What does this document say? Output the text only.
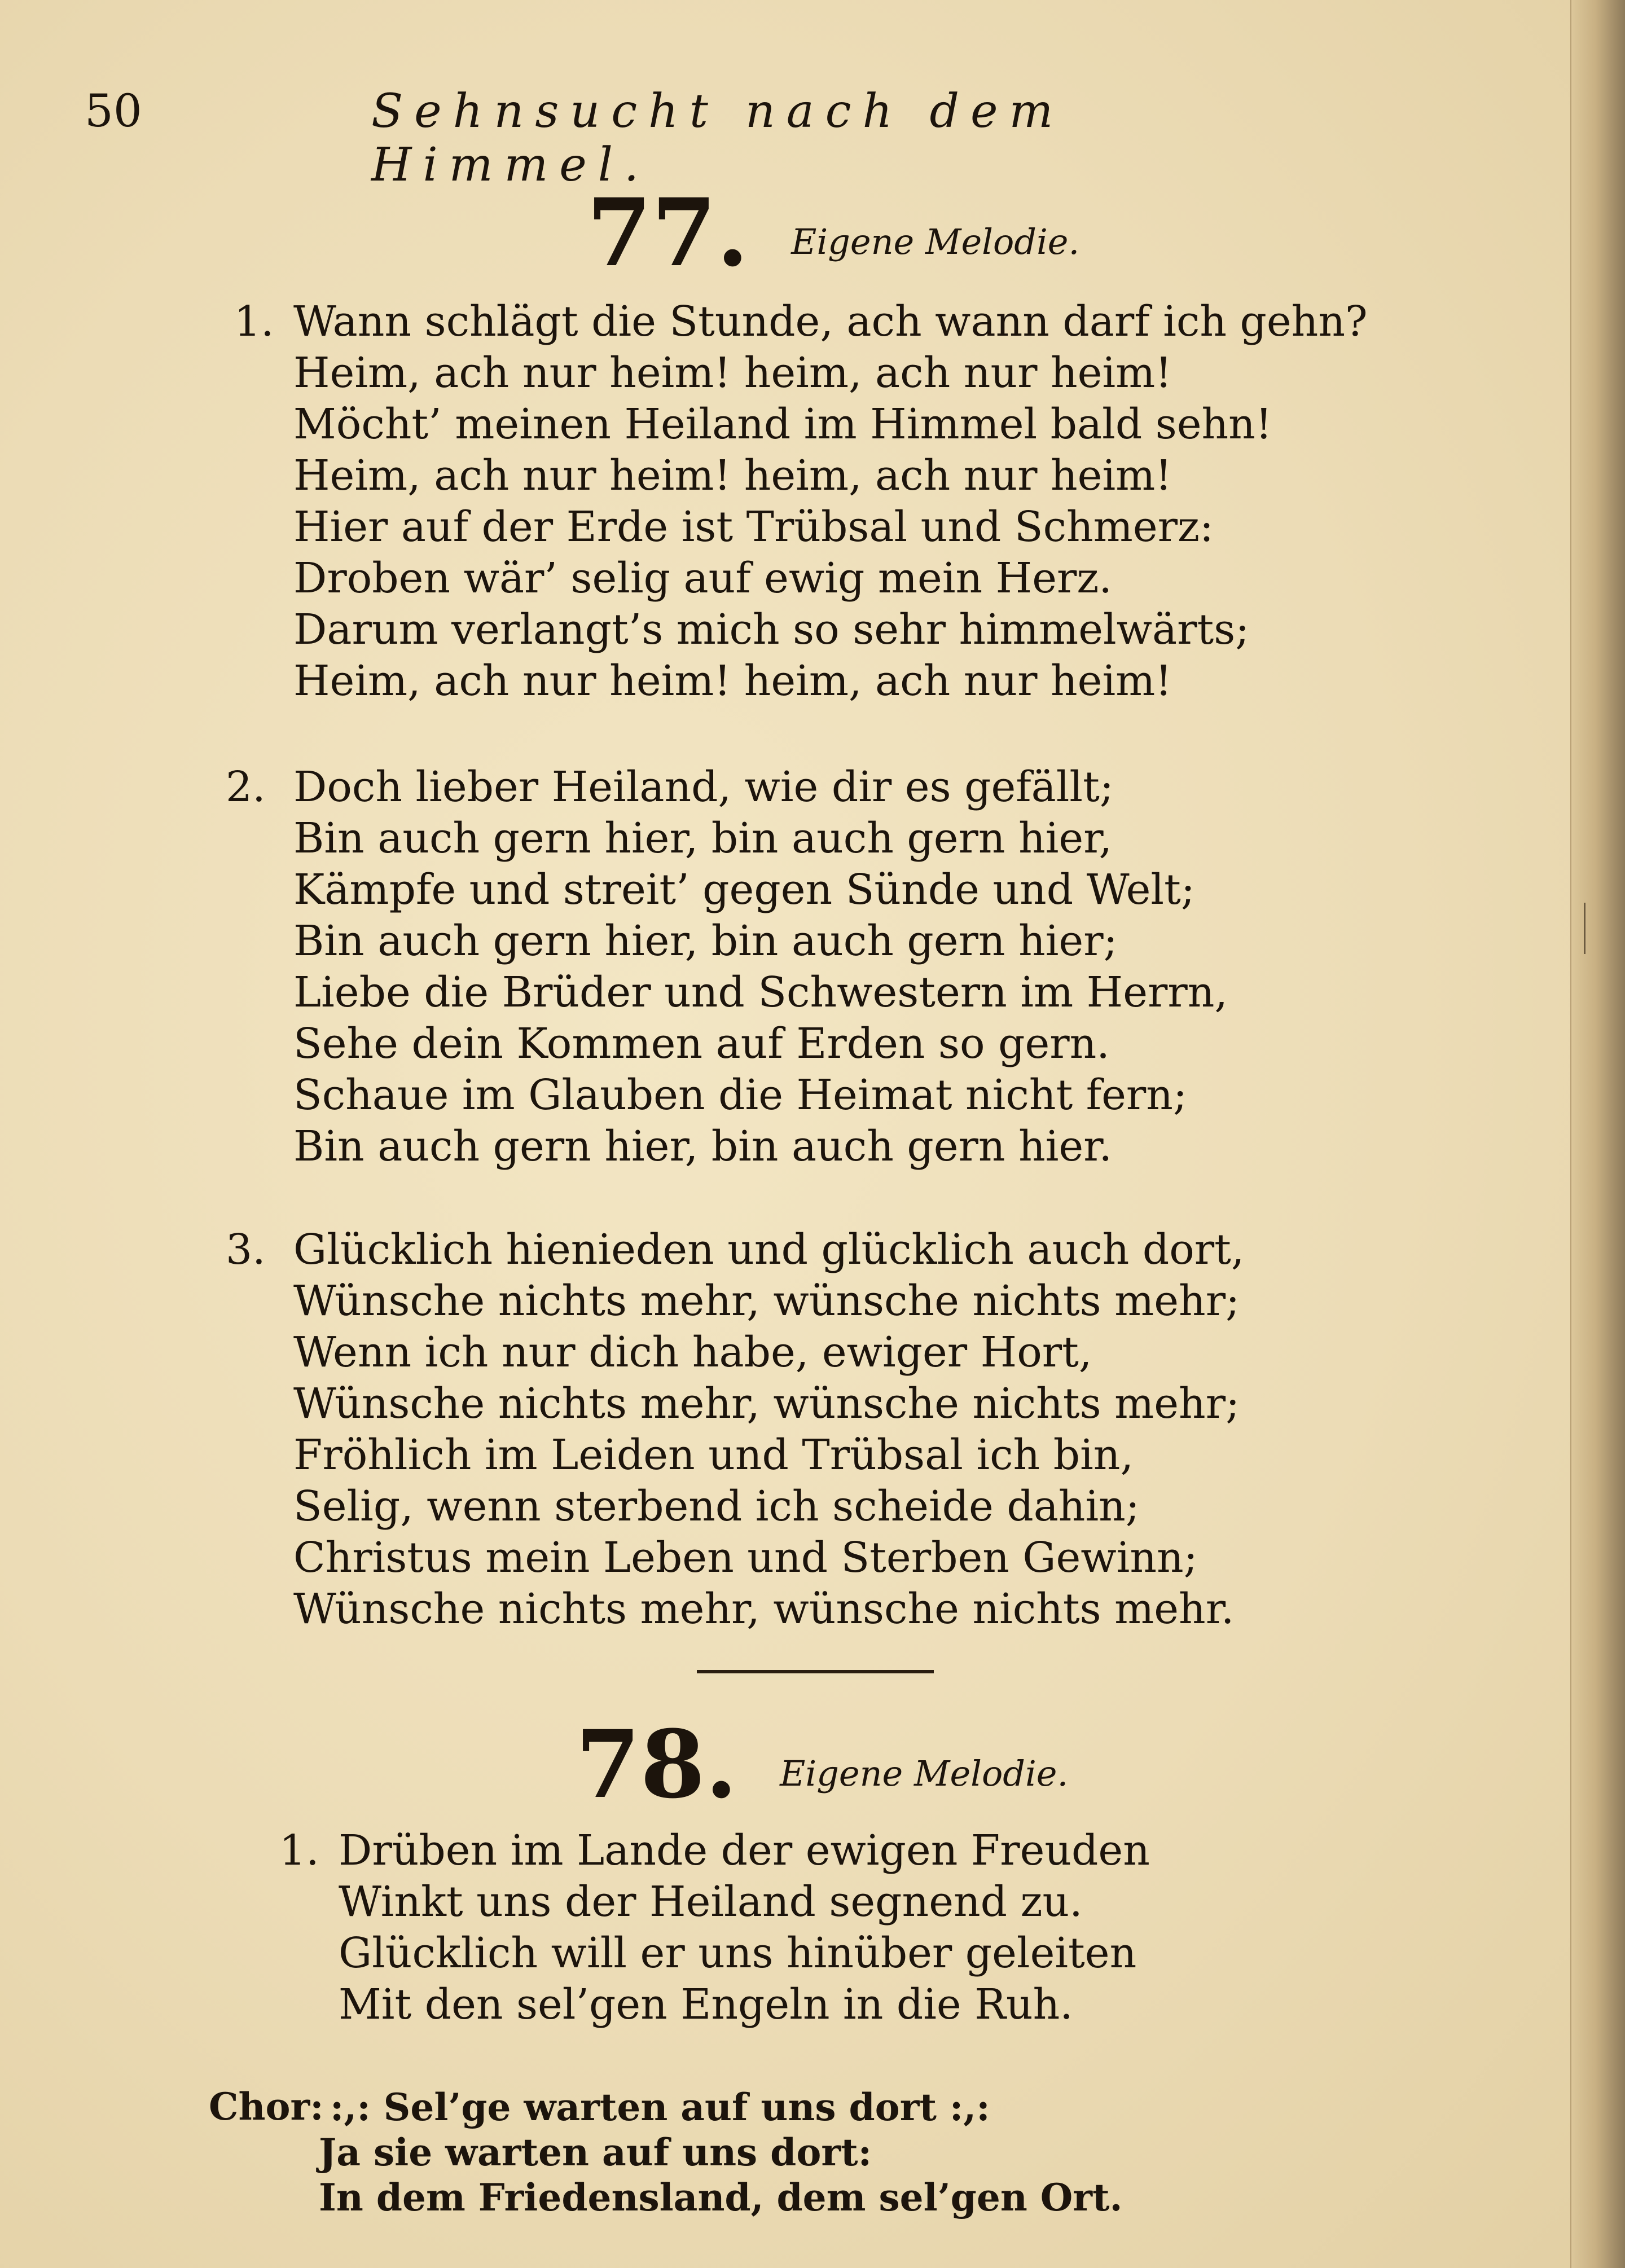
50	Sehnsucht nach dem Himmel.
77. Eigene Melodie.
1. Wann schlägt die Stunde, ach wann darf ich gehn?
Heim, ach nur heim! heim, ach nur heim!
Möcht’ meinen Heiland im Himmel bald sehn!
Heim, ach nur heim! heim, ach nur heim!
Hier auf der Erde ist Trübsal und Schmerz:
Droben wär’ selig auf ewig mein Herz.
Darum verlangt’s mich so sehr himmelwärts;
Heim, ach nur heim! heim, ach nur heim!
2. Doch lieber Heiland, wie dir es gefällt;
Bin auch gern hier, bin auch gern hier,
Kämpfe und streit’ gegen Sünde und Welt;
Bin auch gern hier, bin auch gern hier;
Liebe die Brüder und Schwestern im Herrn,
Sehe dein Kommen auf Erden so gern.
Schaue im Glauben die Heimat nicht fern;
Bin auch gern hier, bin auch gern hier.
3. Glücklich hienieden und glücklich auch dort,
Wünsche nichts mehr, wünsche nichts mehr;
Wenn ich nur dich habe, ewiger Hort,
Wünsche nichts mehr, wünsche nichts mehr;
Fröhlich im Leiden und Trübsal ich bin,
Selig, wenn sterbend ich scheide dahin;
Christus mein Leben und Sterben Gewinn;
Wünsche nichts mehr, wünsche nichts mehr.
78. Eigene Melodie.
1. Drüben im Lande der ewigen Freuden
Winkt uns der Heiland segnend zu.
Glücklich will er uns hinüber geleiten
Mit den sel’gen Engeln in die Ruh.
Chor: :,: Sel’ge warten auf uns dort :,:
Ja sie warten auf uns dort:
In dem Friedensland, dem sel’gen Ort.
